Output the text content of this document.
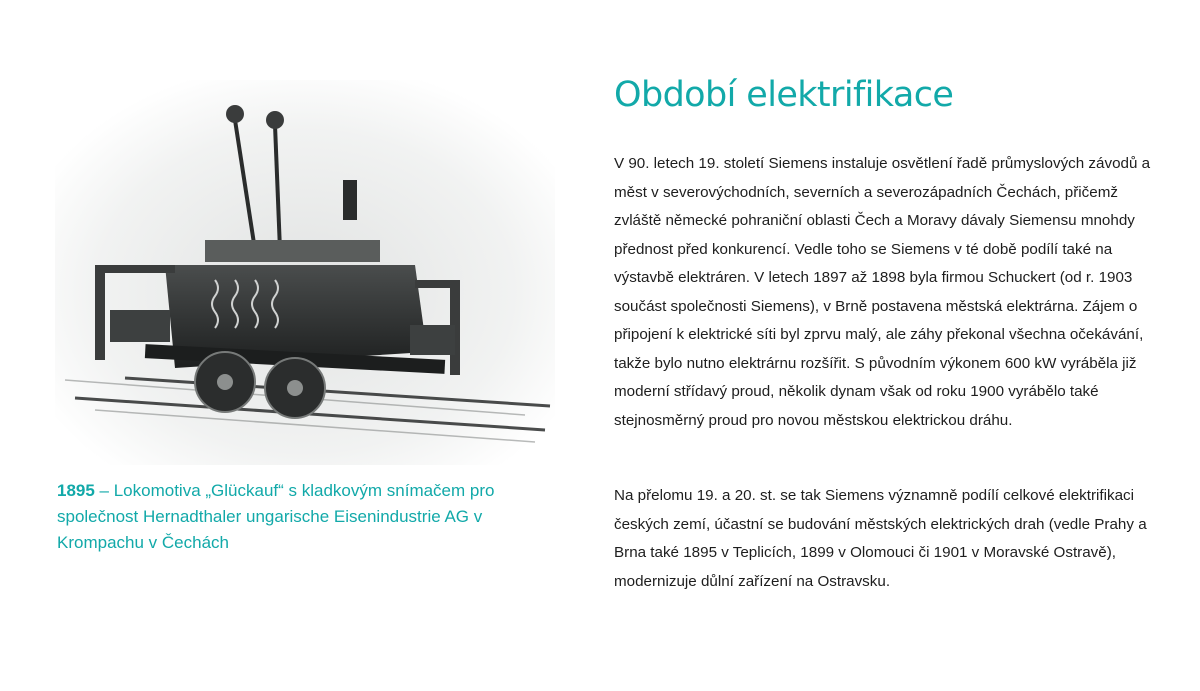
1895 – Lokomotiva „Glückauf“ s kladkovým snímačem pro společnost Hernadthaler ungarische Eisenindustrie AG v Krompachu v Čechách
Období elektrifikace

V 90. letech 19. století Siemens instaluje osvětlení řadě průmyslových závodů a měst v severovýchodních, severních a severozápadních Čechách, přičemž zvláště německé pohraniční oblasti Čech a Moravy dávaly Siemensu mnohdy přednost před konkurencí. Vedle toho se Siemens v té době podílí také na výstavbě elektráren. V letech 1897 až 1898 byla firmou Schuckert (od r. 1903 součást společnosti Siemens), v Brně postavena městská elektrárna. Zájem o připojení k elektrické síti byl zprvu malý, ale záhy překonal všechna očekávání, takže bylo nutno elektrárnu rozšířit. S původním výkonem 600 kW vyráběla již moderní střídavý proud, několik dynam však od roku 1900 vyrábělo také stejnosměrný proud pro novou městskou elektrickou dráhu.

Na přelomu 19. a 20. st. se tak Siemens významně podílí celkové elektrifikaci českých zemí, účastní se budování městských elektrických drah (vedle Prahy a Brna také 1895 v Teplicích, 1899 v Olomouci či 1901 v Moravské Ostravě), modernizuje důlní zařízení na Ostravsku.
